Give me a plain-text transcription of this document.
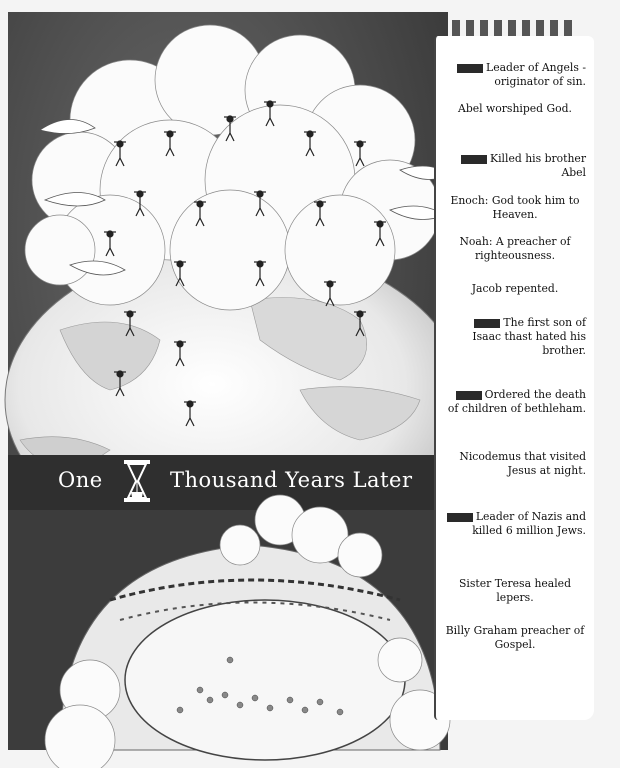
One	Thousand Years Later
Leader of Angels - originator of sin.
Abel worshiped God.
Killed his brother Abel
Enoch: God took him to Heaven.
Noah: A preacher of righteousness.
Jacob repented.
The first son of Isaac thast hated his brother.
Ordered the death of children of bethleham.
Nicodemus that visited Jesus at night.
Leader of Nazis and killed 6 million Jews.
Sister Teresa healed lepers.
Billy Graham preacher of Gospel.
